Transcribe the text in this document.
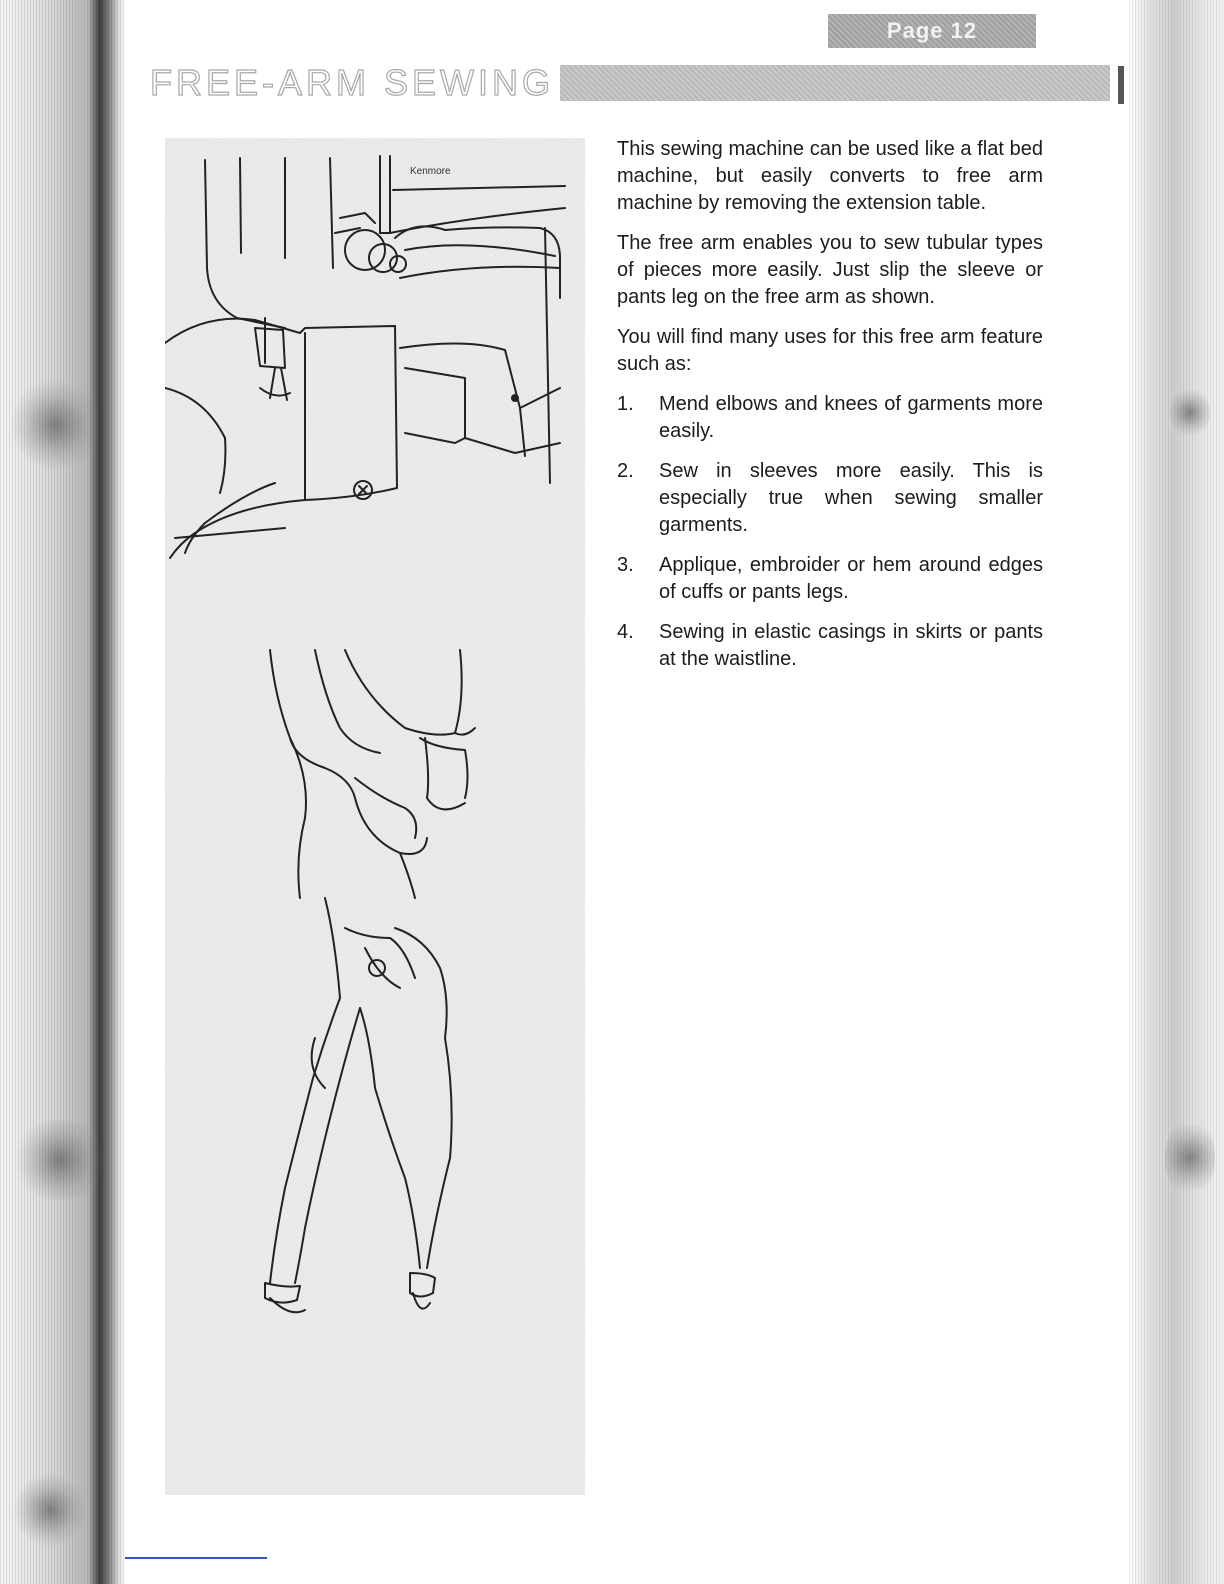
Page 12
FREE-ARM SEWING
Kenmore

This sewing machine can be used like a flat bed machine, but easily converts to free arm machine by removing the extension table.

The free arm enables you to sew tubular types of pieces more easily. Just slip the sleeve or pants leg on the free arm as shown.

You will find many uses for this free arm feature such as:

1.	Mend elbows and knees of garments more easily.
2.	Sew in sleeves more easily. This is especially true when sewing smaller garments.
3.	Applique, embroider or hem around edges of cuffs or pants legs.
4.	Sewing in elastic casings in skirts or pants at the waistline.
